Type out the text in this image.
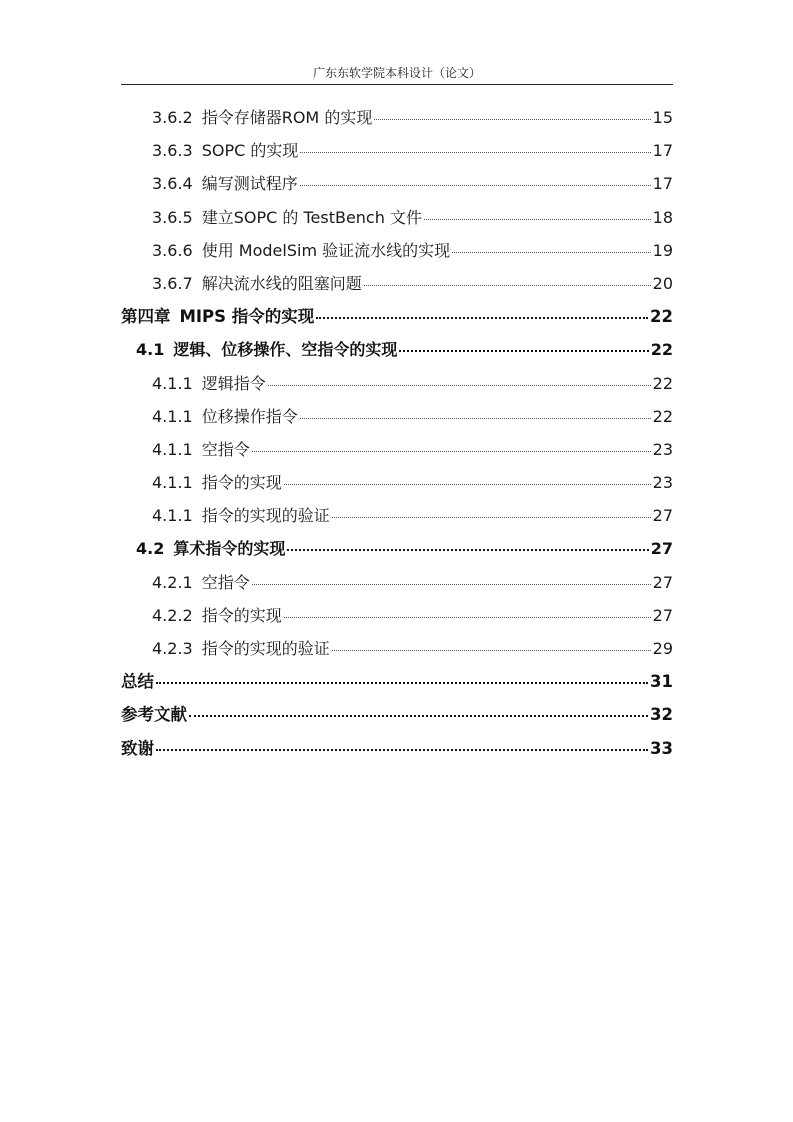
广东东软学院本科设计（论文）
3.6.2 指令存储器ROM 的实现	15
3.6.3 SOPC 的实现	17
3.6.4 编写测试程序	17
3.6.5 建立SOPC 的 TestBench 文件	18
3.6.6 使用 ModelSim 验证流水线的实现	19
3.6.7 解决流水线的阻塞问题	20
第四章 MIPS 指令的实现	22
4.1 逻辑、位移操作、空指令的实现	22
4.1.1 逻辑指令	22
4.1.1 位移操作指令	22
4.1.1 空指令	23
4.1.1 指令的实现	23
4.1.1 指令的实现的验证	27
4.2 算术指令的实现	27
4.2.1 空指令	27
4.2.2 指令的实现	27
4.2.3 指令的实现的验证	29
总结	31
参考文献	32
致谢	33
